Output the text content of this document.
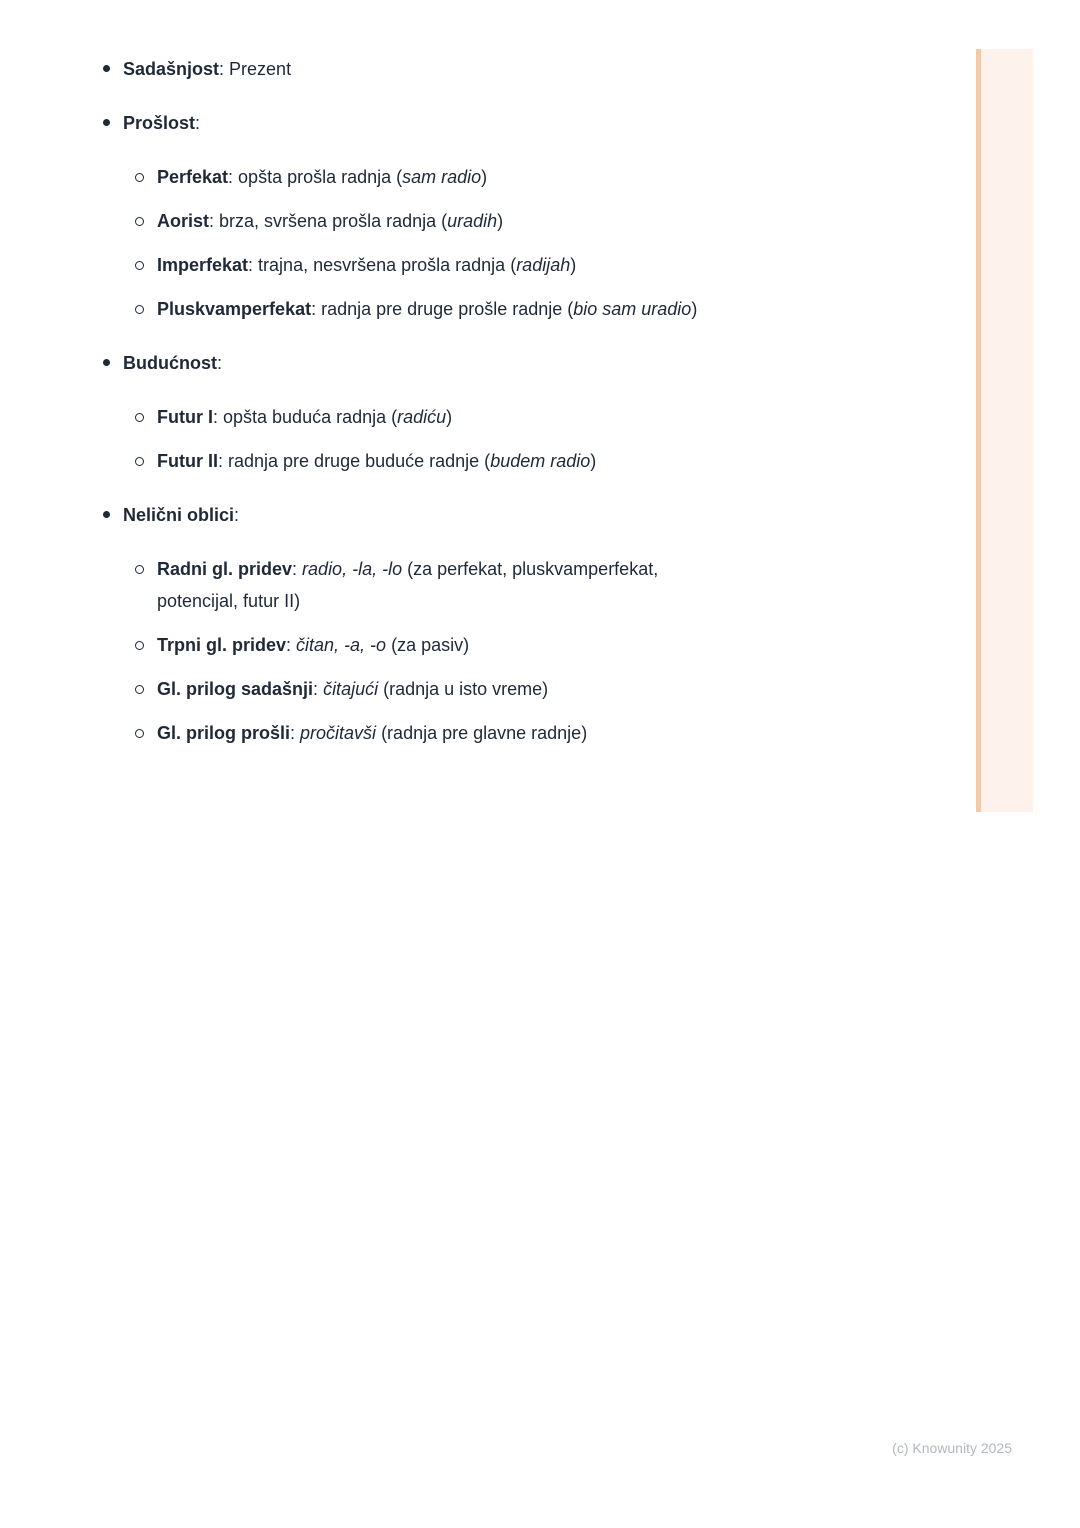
Sadašnjost: Prezent
Prošlost:
Perfekat: opšta prošla radnja (sam radio)
Aorist: brza, svršena prošla radnja (uradih)
Imperfekat: trajna, nesvršena prošla radnja (radijah)
Pluskvamperfekat: radnja pre druge prošle radnje (bio sam uradio)
Budućnost:
Futur I: opšta buduća radnja (radiću)
Futur II: radnja pre druge buduće radnje (budem radio)
Nelični oblici:
Radni gl. pridev: radio, -la, -lo (za perfekat, pluskvamperfekat,
potencijal, futur II)
Trpni gl. pridev: čitan, -a, -o (za pasiv)
Gl. prilog sadašnji: čitajući (radnja u isto vreme)
Gl. prilog prošli: pročitavši (radnja pre glavne radnje)
(c) Knowunity 2025
